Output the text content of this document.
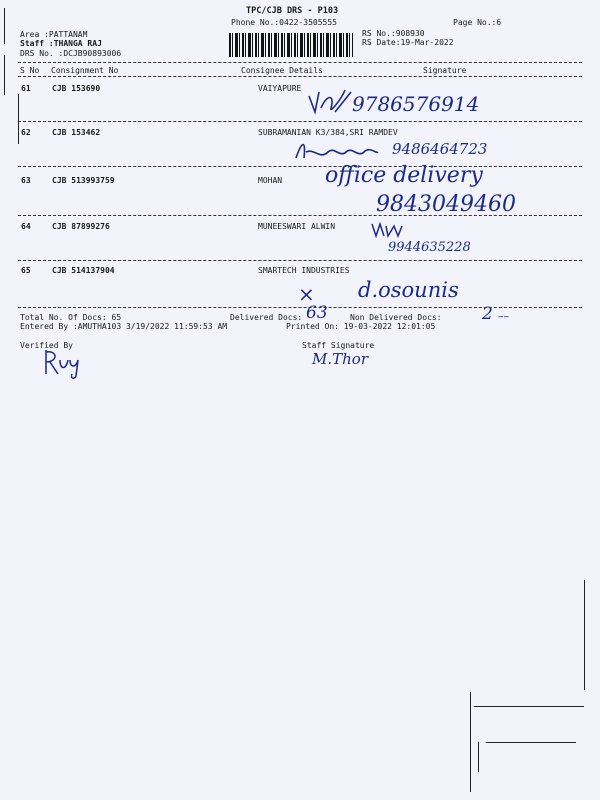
TPC/CJB DRS - P103
Phone No.:0422-3505555	Page No.:6
Area :PATTANAM
Staff :THANGA RAJ
DRS No. :DCJB90893006
RS No.:908930
RS Date:19-Mar-2022
S No Consignment No	Consignee Details	Signature
61	CJB 153690	VAIYAPURE
9786576914
62	CJB 153462	SUBRAMANIAN K3/384,SRI RAMDEV
9486464723
63	CJB 513993759	MOHAN office delivery
9843049460
64	CJB 87899276	MUNEESWARI ALWIN
9944635228
65	CJB 514137904	SMARTECH INDUSTRIES
× d.osounis
Total No. Of Docs: 65	Delivered Docs: 63	Non Delivered Docs: 2 ––
Entered By :AMUTHA103 3/19/2022 11:59:53 AM	Printed On: 19-03-2022 12:01:05
Verified By	Staff Signature
M.Thor
